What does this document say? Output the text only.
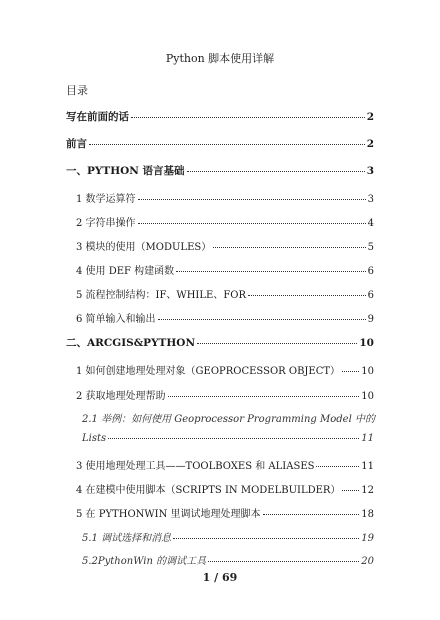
Python 脚本使用详解
目录
写在前面的话	2
前言	2
一、PYTHON 语言基础	3
1 数学运算符	3
2 字符串操作	4
3 模块的使用（MODULES）	5
4 使用 DEF 构建函数	6
5 流程控制结构：IF、WHILE、FOR	6
6 简单输入和输出	9
二、ARCGIS&PYTHON	10
1 如何创建地理处理对象（GEOPROCESSOR OBJECT） 10
2 获取地理处理帮助	10
2.1 举例：如何使用 Geoprocessor Programming Model 中的
Lists	11
3 使用地理处理工具——TOOLBOXES 和 ALIASES	11
4 在建模中使用脚本（SCRIPTS IN MODELBUILDER） 12
5 在 PYTHONWIN 里调试地理处理脚本	18
5.1 调试选择和消息	19
5.2PythonWin 的调试工具	20
1 / 69
